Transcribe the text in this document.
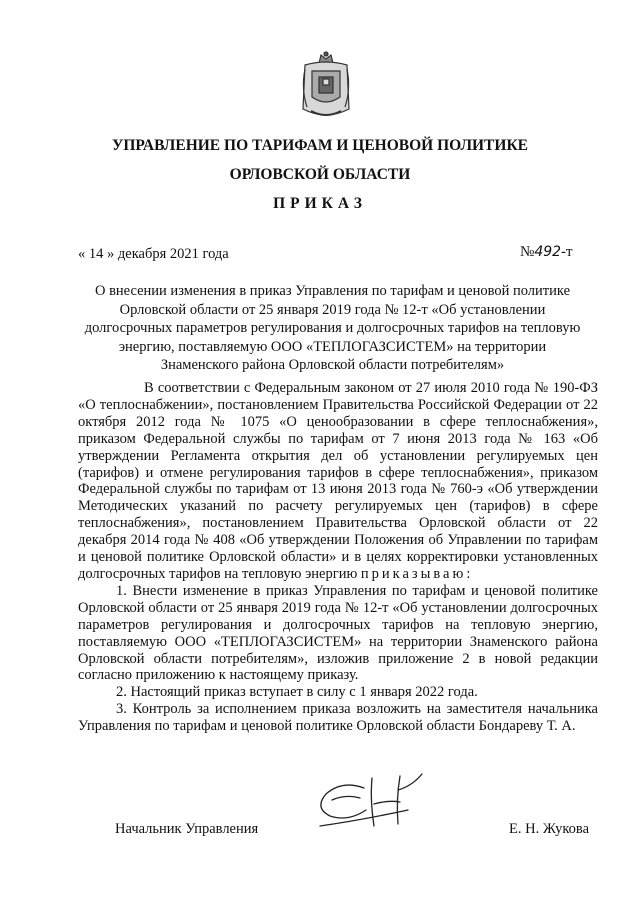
УПРАВЛЕНИЕ ПО ТАРИФАМ И ЦЕНОВОЙ ПОЛИТИКЕ
ОРЛОВСКОЙ ОБЛАСТИ
ПРИКАЗ
« 14 » декабря 2021 года	№492-т
О внесении изменения в приказ Управления по тарифам и ценовой политике
Орловской области от 25 января 2019 года № 12-т «Об установлении
долгосрочных параметров регулирования и долгосрочных тарифов на тепловую
энергию, поставляемую ООО «ТЕПЛОГАЗСИСТЕМ» на территории
Знаменского района Орловской области потребителям»

В соответствии с Федеральным законом от 27 июля 2010 года № 190-ФЗ «О теплоснабжении», постановлением Правительства Российской Федерации от 22 октября 2012 года № 1075 «О ценообразовании в сфере теплоснабжения», приказом Федеральной службы по тарифам от 7 июня 2013 года № 163 «Об утверждении Регламента открытия дел об установлении регулируемых цен (тарифов) и отмене регулирования тарифов в сфере теплоснабжения», приказом Федеральной службы по тарифам от 13 июня 2013 года № 760-э «Об утверждении Методических указаний по расчету регулируемых цен (тарифов) в сфере теплоснабжения», постановлением Правительства Орловской области от 22 декабря 2014 года № 408 «Об утверждении Положения об Управлении по тарифам и ценовой политике Орловской области» и в целях корректировки установленных долгосрочных тарифов на тепловую энергию приказываю:

1. Внести изменение в приказ Управления по тарифам и ценовой политике Орловской области от 25 января 2019 года № 12-т «Об установлении долгосрочных параметров регулирования и долгосрочных тарифов на тепловую энергию, поставляемую ООО «ТЕПЛОГАЗСИСТЕМ» на территории Знаменского района Орловской области потребителям», изложив приложение 2 в новой редакции согласно приложению к настоящему приказу.

2. Настоящий приказ вступает в силу с 1 января 2022 года.

3. Контроль за исполнением приказа возложить на заместителя начальника Управления по тарифам и ценовой политике Орловской области Бондареву Т. А.

Начальник Управления	Е. Н. Жукова
